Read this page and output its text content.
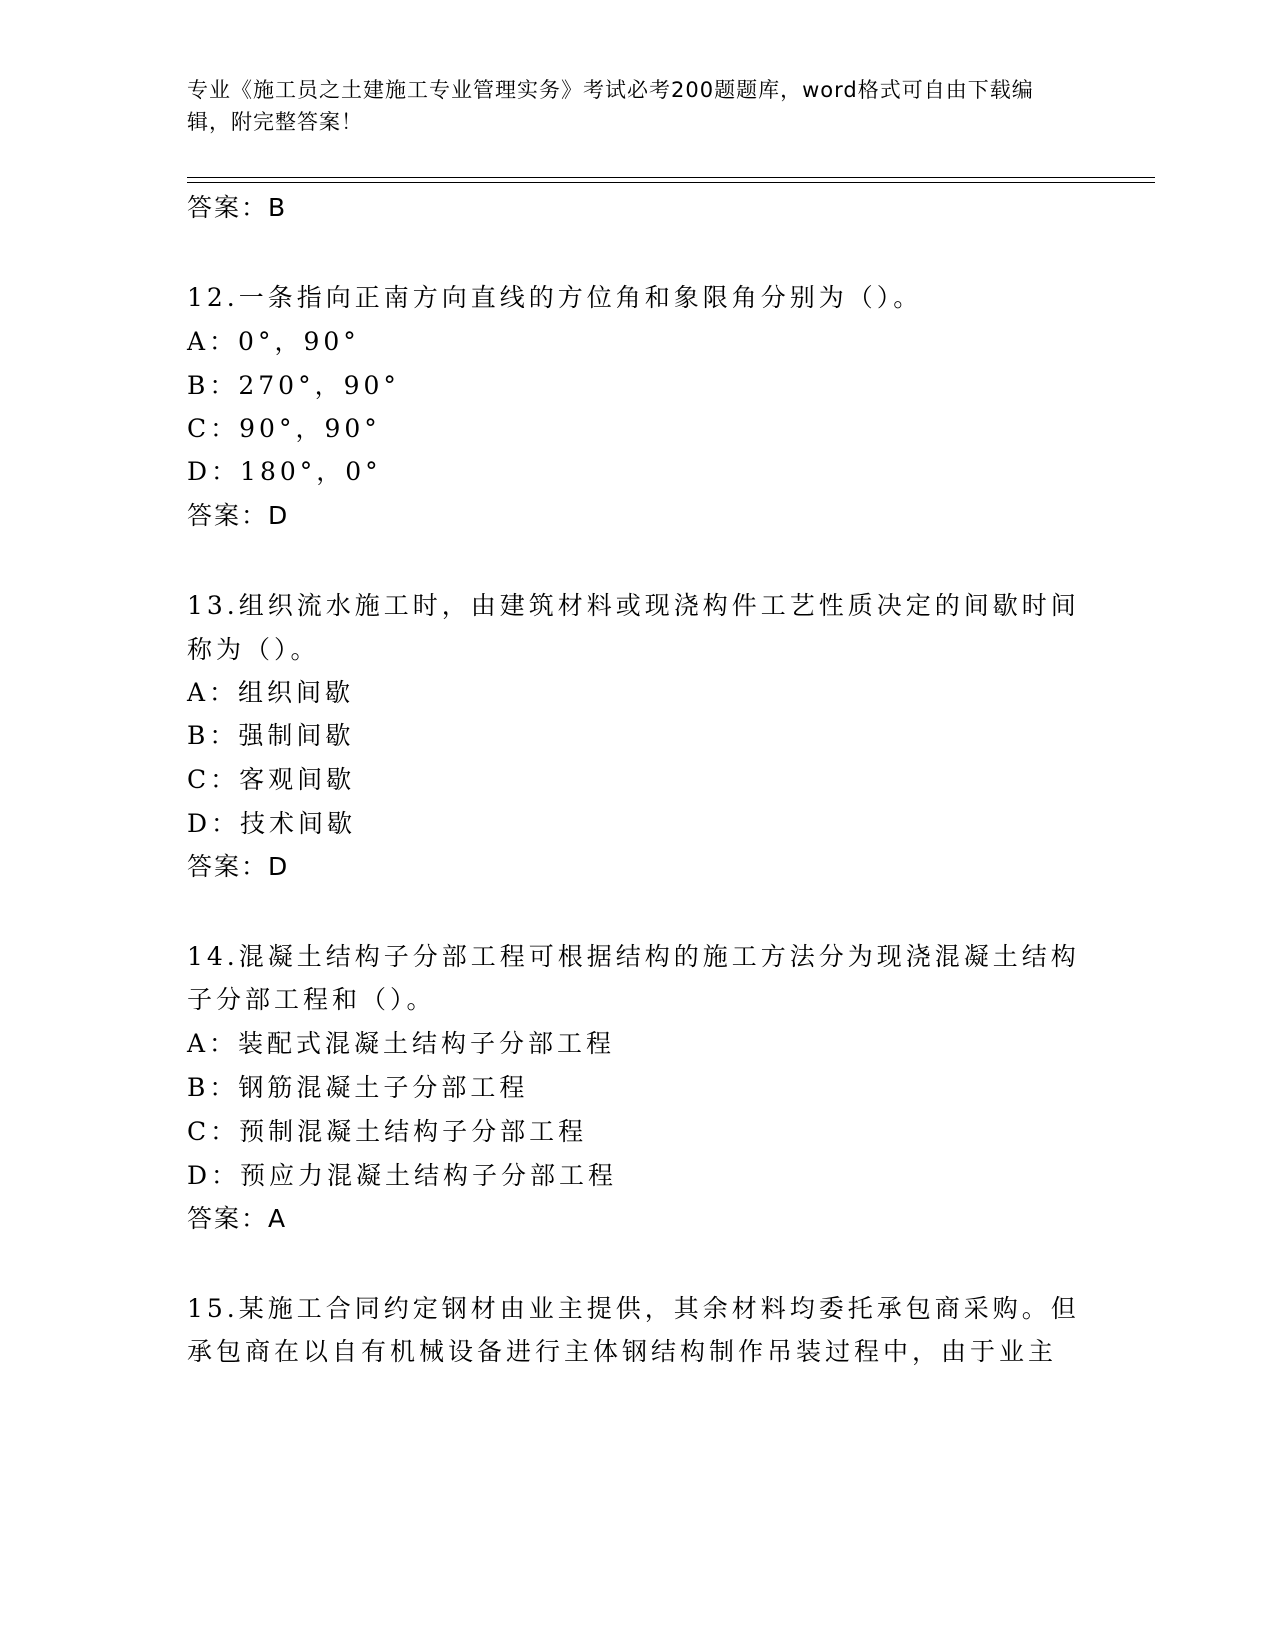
专业《施工员之土建施工专业管理实务》考试必考200题题库，word格式可自由下载编辑，附完整答案！
答案：B
12.一条指向正南方向直线的方位角和象限角分别为（）。
A：0°，90°
B：270°，90°
C：90°，90°
D：180°，0°
答案：D
13.组织流水施工时，由建筑材料或现浇构件工艺性质决定的间歇时间
称为（）。
A：组织间歇
B：强制间歇
C：客观间歇
D：技术间歇
答案：D
14.混凝土结构子分部工程可根据结构的施工方法分为现浇混凝土结构
子分部工程和（）。
A：装配式混凝土结构子分部工程
B：钢筋混凝土子分部工程
C：预制混凝土结构子分部工程
D：预应力混凝土结构子分部工程
答案：A
15.某施工合同约定钢材由业主提供，其余材料均委托承包商采购。但
承包商在以自有机械设备进行主体钢结构制作吊装过程中，由于业主
